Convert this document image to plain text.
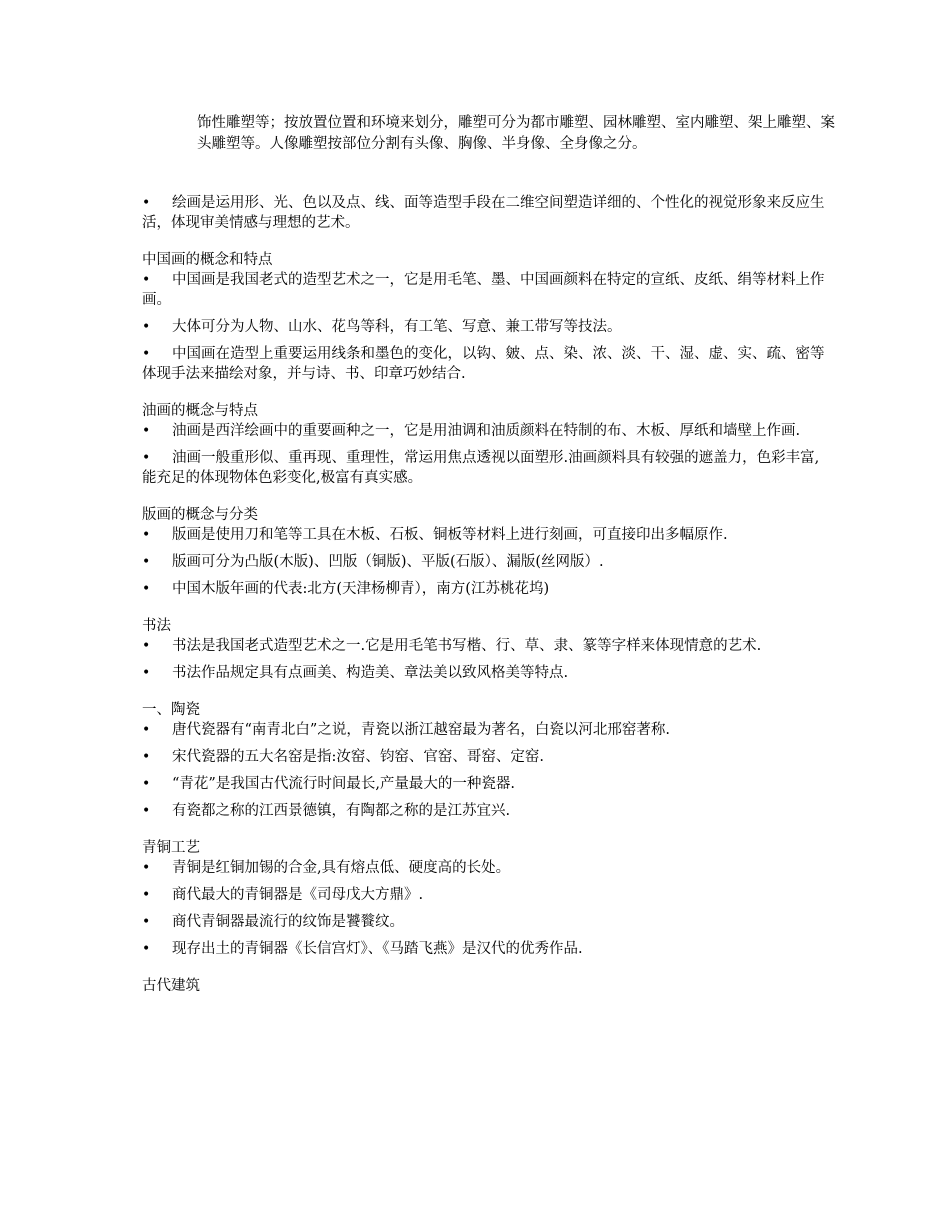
饰性雕塑等；按放置位置和环境来划分，雕塑可分为都市雕塑、园林雕塑、室内雕塑、架上雕塑、案头雕塑等。人像雕塑按部位分割有头像、胸像、半身像、全身像之分。

• 绘画是运用形、光、色以及点、线、面等造型手段在二维空间塑造详细的、个性化的视觉形象来反应生活，体现审美情感与理想的艺术。

中国画的概念和特点

• 中国画是我国老式的造型艺术之一，它是用毛笔、墨、中国画颜料在特定的宣纸、皮纸、绢等材料上作画。

• 大体可分为人物、山水、花鸟等科，有工笔、写意、兼工带写等技法。

• 中国画在造型上重要运用线条和墨色的变化，以钩、皴、点、染、浓、淡、干、湿、虚、实、疏、密等体现手法来描绘对象，并与诗、书、印章巧妙结合.

油画的概念与特点

• 油画是西洋绘画中的重要画种之一，它是用油调和油质颜料在特制的布、木板、厚纸和墙壁上作画.

• 油画一般重形似、重再现、重理性，常运用焦点透视以面塑形.油画颜料具有较强的遮盖力，色彩丰富,能充足的体现物体色彩变化,极富有真实感。

版画的概念与分类

• 版画是使用刀和笔等工具在木板、石板、铜板等材料上进行刻画，可直接印出多幅原作.

• 版画可分为凸版(木版)、凹版（铜版)、平版(石版）、漏版(丝网版）.

• 中国木版年画的代表:北方(天津杨柳青），南方(江苏桃花坞)

书法

• 书法是我国老式造型艺术之一.它是用毛笔书写楷、行、草、隶、篆等字样来体现情意的艺术.

• 书法作品规定具有点画美、构造美、章法美以致风格美等特点.

一、陶瓷

• 唐代瓷器有“南青北白”之说，青瓷以浙江越窑最为著名，白瓷以河北邢窑著称.

• 宋代瓷器的五大名窑是指:汝窑、钧窑、官窑、哥窑、定窑.

• “青花”是我国古代流行时间最长,产量最大的一种瓷器.

• 有瓷都之称的江西景德镇，有陶都之称的是江苏宜兴.

青铜工艺

• 青铜是红铜加锡的合金,具有熔点低、硬度高的长处。

• 商代最大的青铜器是《司母戊大方鼎》.

• 商代青铜器最流行的纹饰是饕餮纹。

• 现存出土的青铜器《长信宫灯》、《马踏飞燕》是汉代的优秀作品.

古代建筑
